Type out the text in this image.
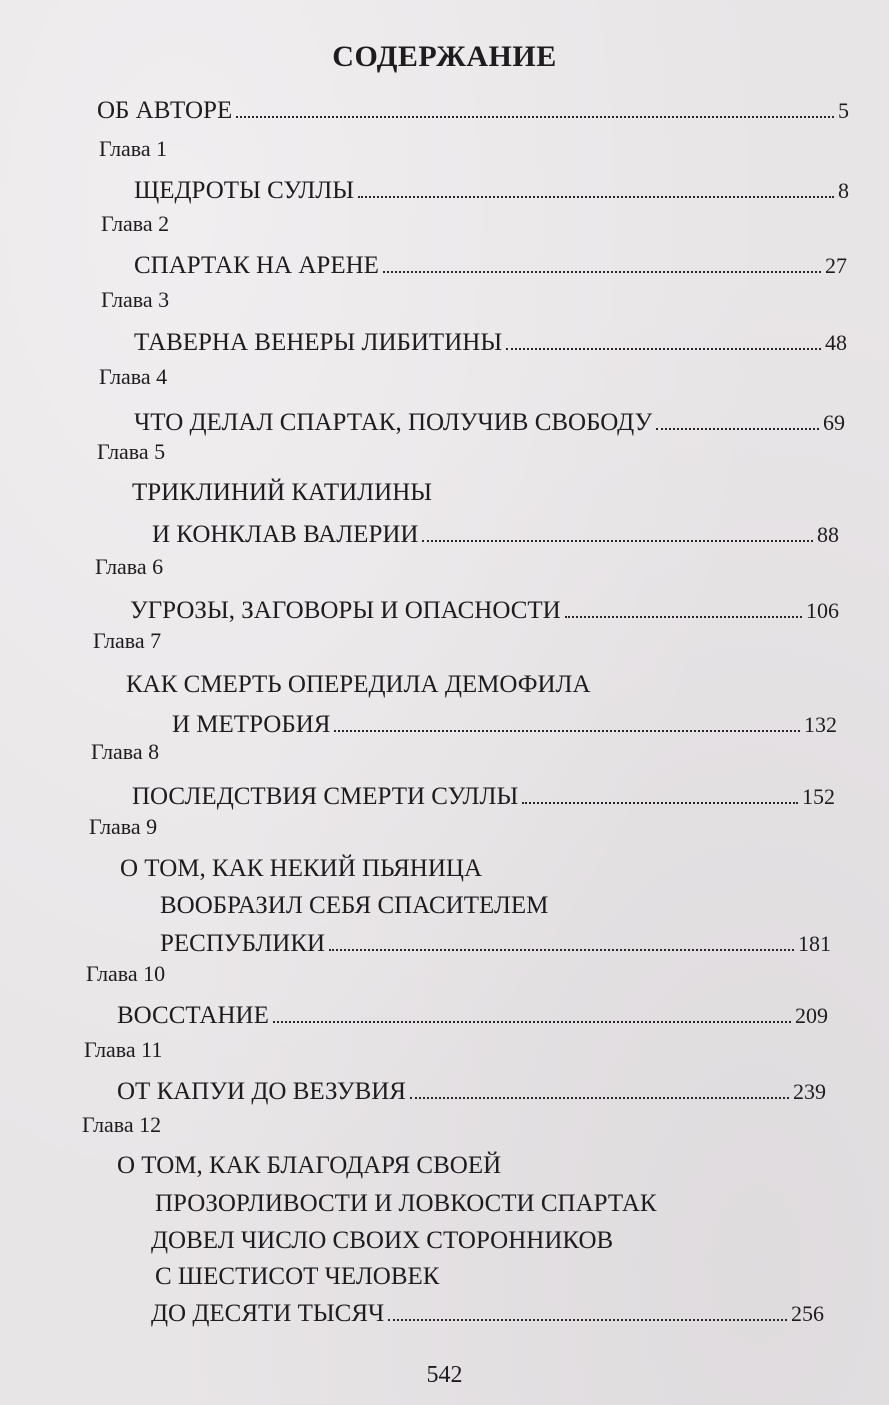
СОДЕРЖАНИЕ
ОБ АВТОРЕ	5
Глава 1
ЩЕДРОТЫ СУЛЛЫ	8
Глава 2
СПАРТАК НА АРЕНЕ	27
Глава 3
ТАВЕРНА ВЕНЕРЫ ЛИБИТИНЫ	48
Глава 4
ЧТО ДЕЛАЛ СПАРТАК, ПОЛУЧИВ СВОБОДУ	69
Глава 5
ТРИКЛИНИЙ КАТИЛИНЫ
И КОНКЛАВ ВАЛЕРИИ	88
Глава 6
УГРОЗЫ, ЗАГОВОРЫ И ОПАСНОСТИ	106
Глава 7
КАК СМЕРТЬ ОПЕРЕДИЛА ДЕМОФИЛА
И МЕТРОБИЯ	132
Глава 8
ПОСЛЕДСТВИЯ СМЕРТИ СУЛЛЫ	152
Глава 9
О ТОМ, КАК НЕКИЙ ПЬЯНИЦА
ВООБРАЗИЛ СЕБЯ СПАСИТЕЛЕМ
РЕСПУБЛИКИ	181
Глава 10
ВОССТАНИЕ	209
Глава 11
ОТ КАПУИ ДО ВЕЗУВИЯ	239
Глава 12
О ТОМ, КАК БЛАГОДАРЯ СВОЕЙ
ПРОЗОРЛИВОСТИ И ЛОВКОСТИ СПАРТАК
ДОВЕЛ ЧИСЛО СВОИХ СТОРОННИКОВ
С ШЕСТИСОТ ЧЕЛОВЕК
ДО ДЕСЯТИ ТЫСЯЧ	256
542
